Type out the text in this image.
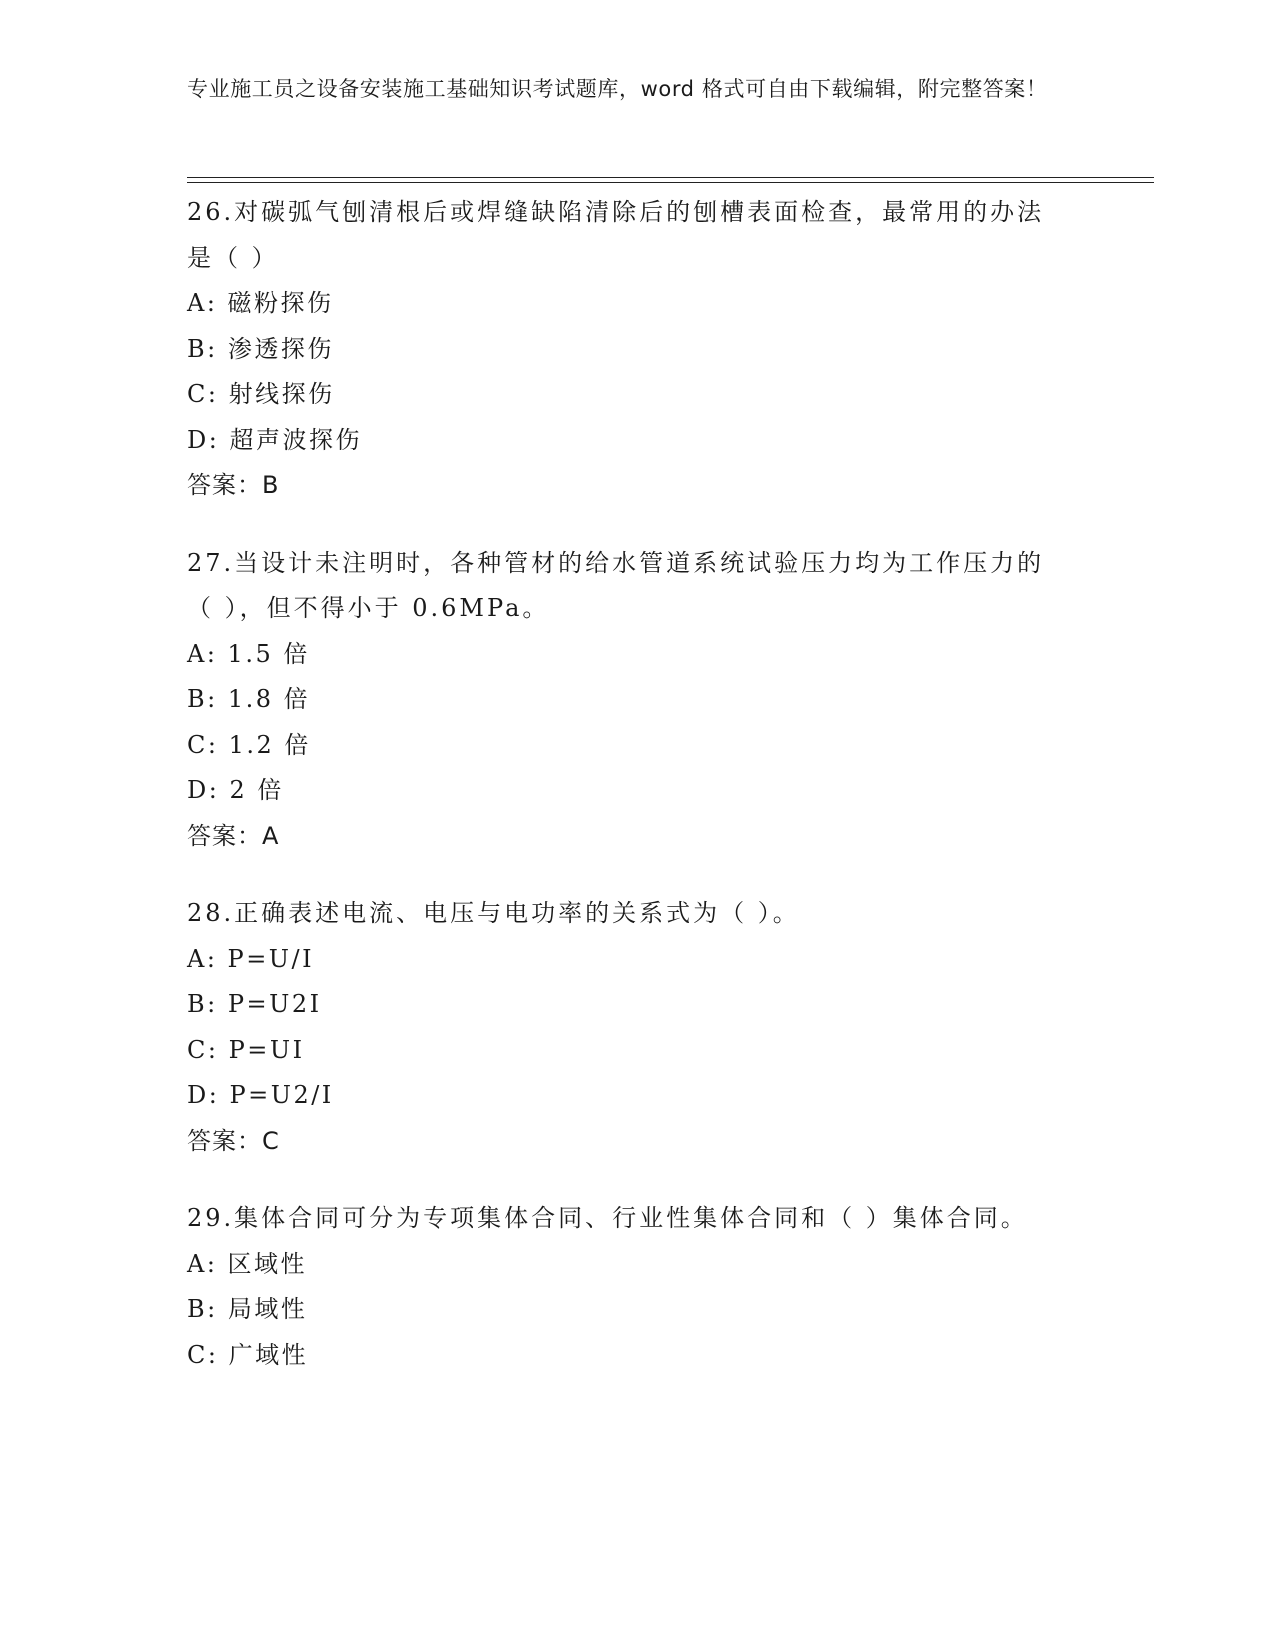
专业施工员之设备安装施工基础知识考试题库，word 格式可自由下载编辑，附完整答案！
26.对碳弧气刨清根后或焊缝缺陷清除后的刨槽表面检查，最常用的办法是（ ）
A: 磁粉探伤
B: 渗透探伤
C: 射线探伤
D: 超声波探伤
答案：B
27.当设计未注明时，各种管材的给水管道系统试验压力均为工作压力的（ ），但不得小于 0.6MPa。
A: 1.5 倍
B: 1.8 倍
C: 1.2 倍
D: 2 倍
答案：A
28.正确表述电流、电压与电功率的关系式为（ ）。
A: P=U/I
B: P=U2I
C: P=UI
D: P=U2/I
答案：C
29.集体合同可分为专项集体合同、行业性集体合同和（ ）集体合同。
A: 区域性
B: 局域性
C: 广域性
